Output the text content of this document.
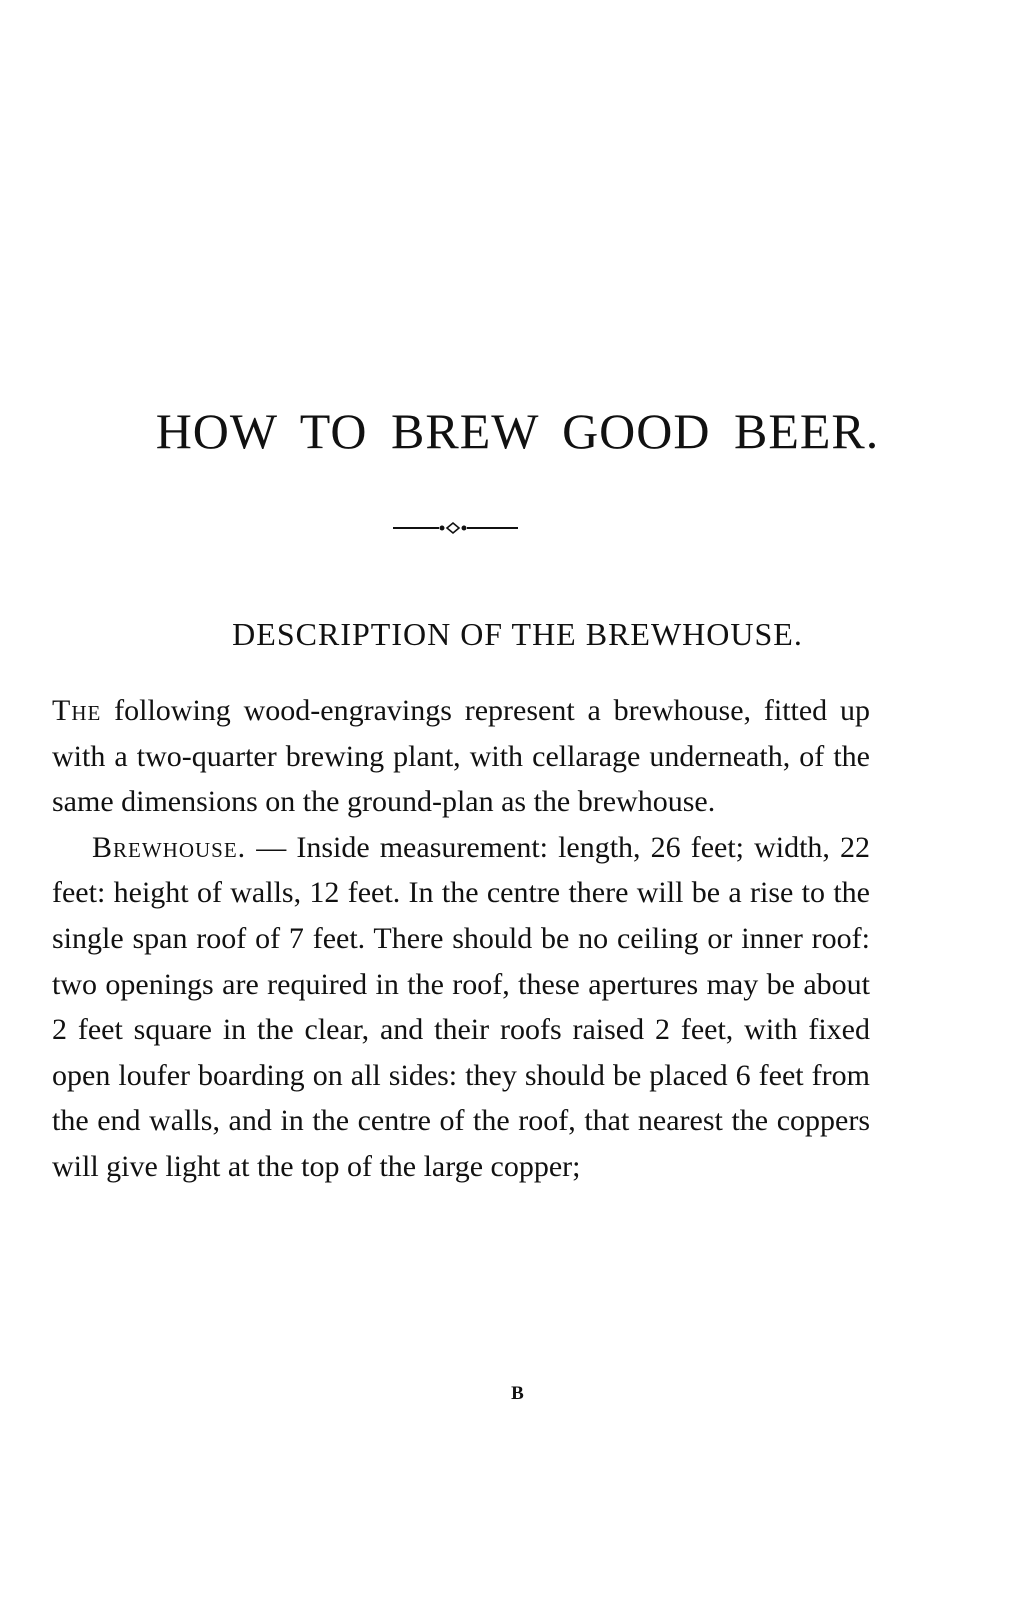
HOW TO BREW GOOD BEER.
DESCRIPTION OF THE BREWHOUSE.

The following wood-engravings represent a brewhouse, fitted up with a two-quarter brewing plant, with cellarage underneath, of the same dimensions on the ground-plan as the brewhouse.

Brewhouse. — Inside measurement: length, 26 feet; width, 22 feet: height of walls, 12 feet. In the centre there will be a rise to the single span roof of 7 feet. There should be no ceiling or inner roof: two openings are required in the roof, these apertures may be about 2 feet square in the clear, and their roofs raised 2 feet, with fixed open loufer boarding on all sides: they should be placed 6 feet from the end walls, and in the centre of the roof, that nearest the coppers will give light at the top of the large copper;

B
